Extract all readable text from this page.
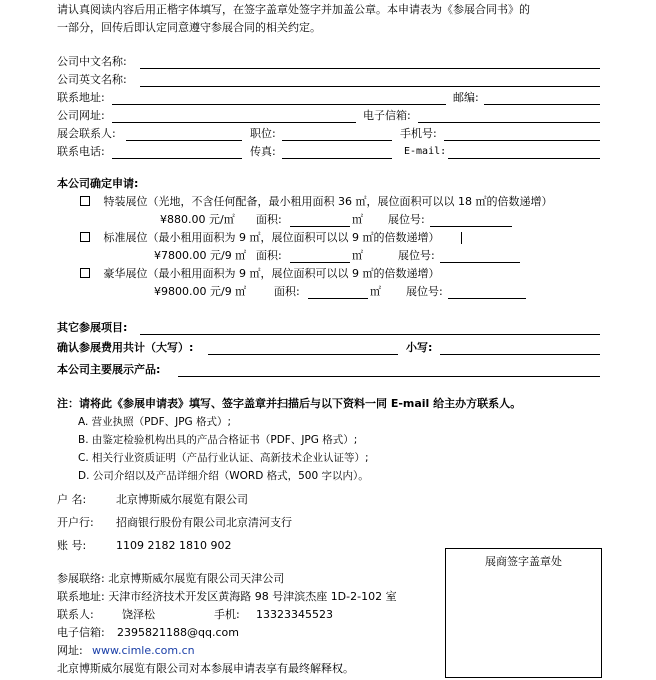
请认真阅读内容后用正楷字体填写，在签字盖章处签字并加盖公章。本申请表为《参展合同书》的
一部分，回传后即认定同意遵守参展合同的相关约定。
公司中文名称:
公司英文名称:
联系地址:	邮编:
公司网址:	电子信箱:
展会联系人:	职位:	手机号:
联系电话:	传真:	E-mail:
本公司确定申请:
特装展位（光地，不含任何配备，最小租用面积 36 ㎡，展位面积可以以 18 ㎡的倍数递增）
¥880.00 元/㎡ 面积:	㎡ 展位号:
标准展位（最小租用面积为 9 ㎡，展位面积可以以 9 ㎡的倍数递增）
¥7800.00 元/9 ㎡ 面积:	㎡	展位号:
豪华展位（最小租用面积为 9 ㎡，展位面积可以以 9 ㎡的倍数递增）
¥9800.00 元/9 ㎡	面积:	㎡ 展位号:
其它参展项目:
确认参展费用共计（大写）:	小写:
本公司主要展示产品:
注：请将此《参展申请表》填写、签字盖章并扫描后与以下资料一同 E-mail 给主办方联系人。
A. 营业执照（PDF、JPG 格式）;
B. 由鉴定检验机构出具的产品合格证书（PDF、JPG 格式）;
C. 相关行业资质证明（产品行业认证、高新技术企业认证等）;
D. 公司介绍以及产品详细介绍（WORD 格式，500 字以内）。
户 名:	北京博斯威尔展览有限公司
开户行: 招商银行股份有限公司北京清河支行
账 号:	1109 2182 1810 902
参展联络: 北京博斯威尔展览有限公司天津公司
联系地址: 天津市经济技术开发区黄海路 98 号津滨杰座 1D-2-102 室
联系人:	饶泽松	手机: 13323345523
电子信箱: 2395821188@qq.com
网址: www.cimle.com.cn
北京博斯威尔展览有限公司对本参展申请表享有最终解释权。
展商签字盖章处
